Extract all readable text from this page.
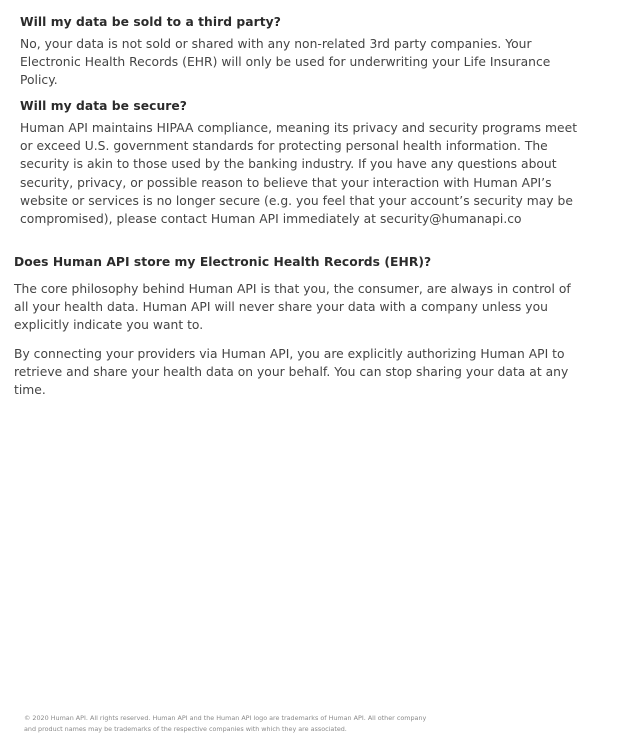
Will my data be sold to a third party?

No, your data is not sold or shared with any non-related 3rd party companies. Your Electronic Health Records (EHR) will only be used for underwriting your Life Insurance Policy.

Will my data be secure?

Human API maintains HIPAA compliance, meaning its privacy and security programs meet or exceed U.S. government standards for protecting personal health information. The security is akin to those used by the banking industry. If you have any questions about security, privacy, or possible reason to believe that your interaction with Human API’s website or services is no longer secure (e.g. you feel that your account’s security may be compromised), please contact Human API immediately at security@humanapi.co

Does Human API store my Electronic Health Records (EHR)?

The core philosophy behind Human API is that you, the consumer, are always in control of all your health data. Human API will never share your data with a company unless you explicitly indicate you want to.

By connecting your providers via Human API, you are explicitly authorizing Human API to retrieve and share your health data on your behalf. You can stop sharing your data at any time.

© 2020 Human API. All rights reserved. Human API and the Human API logo are trademarks of Human API. All other company and product names may be trademarks of the respective companies with which they are associated.
